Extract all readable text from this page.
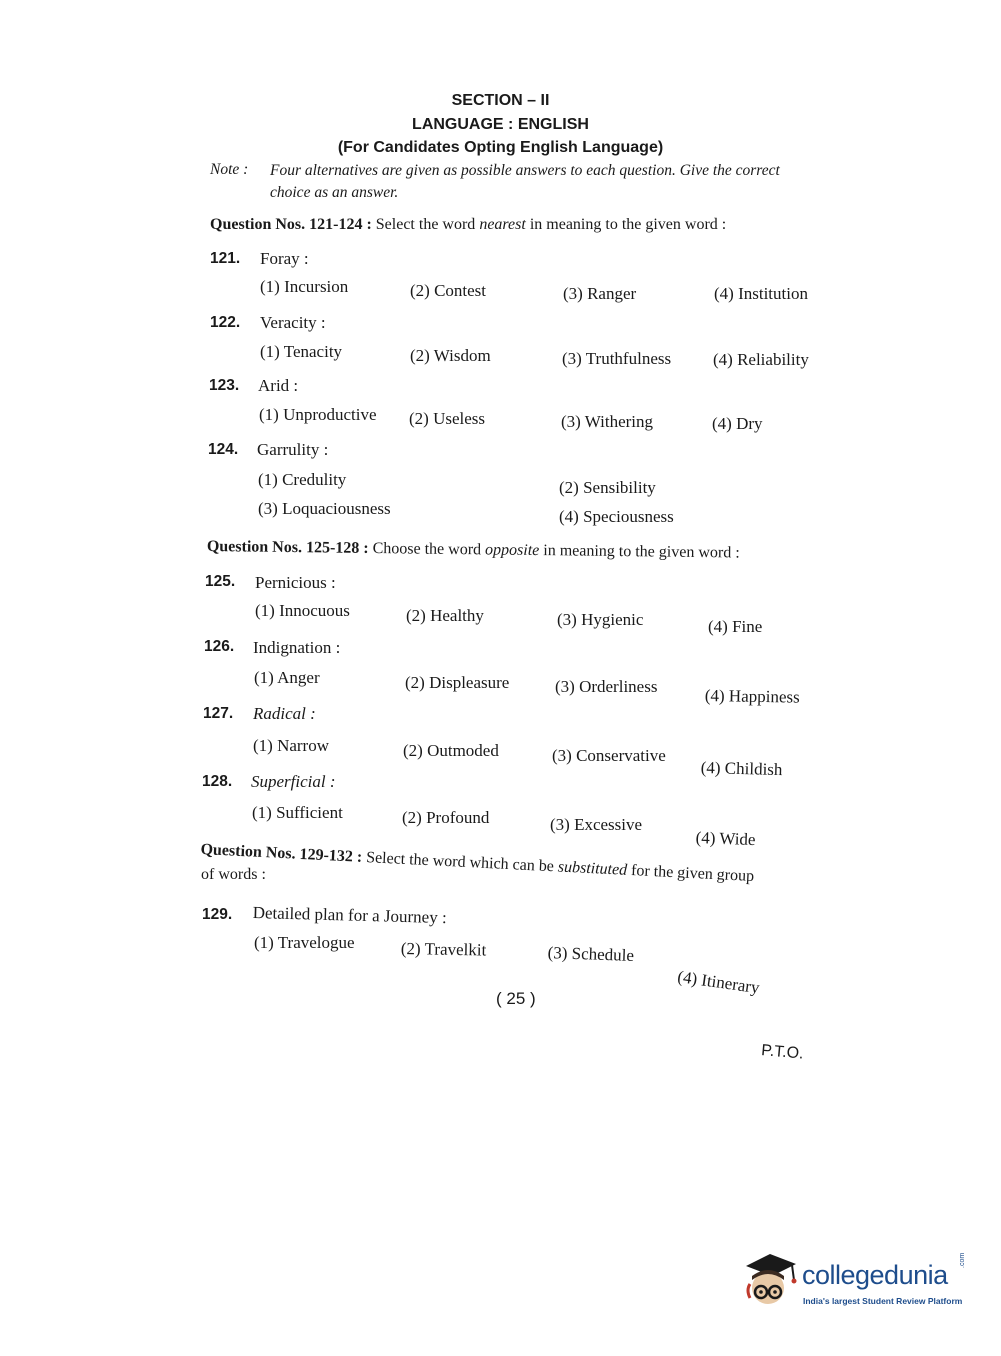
SECTION – II
LANGUAGE : ENGLISH
(For Candidates Opting English Language)
Note : Four alternatives are given as possible answers to each question. Give the correct
choice as an answer.
Question Nos. 121-124 : Select the word nearest in meaning to the given word :
121. Foray :
(1) Incursion	(2) Contest	(3) Ranger	(4) Institution
122. Veracity :
(1) Tenacity	(2) Wisdom	(3) Truthfulness (4) Reliability
123. Arid :
(1) Unproductive (2) Useless	(3) Withering	(4) Dry
124. Garrulity :
(1) Credulity	(2) Sensibility
(3) Loquaciousness	(4) Speciousness
Question Nos. 125-128 : Choose the word opposite in meaning to the given word :
125. Pernicious :
(1) Innocuous	(2) Healthy	(3) Hygienic	(4) Fine
126. Indignation :
(1) Anger	(2) Displeasure	(3) Orderliness	(4) Happiness
127. Radical :
(1) Narrow	(2) Outmoded	(3) Conservative
(4) Childish
128. Superficial :
(1) Sufficient	(2) Profound	(3) Excessive
(4) Wide
Question Nos. 129-132 : Select the word which can be substituted for the given group
of words :
129. Detailed plan for a Journey :
(1) Travelogue	(2) Travelkit	(3) Schedule
(4) Itinerary
( 25 )
P.T.O.
collegedunia .com
India's largest Student Review Platform
